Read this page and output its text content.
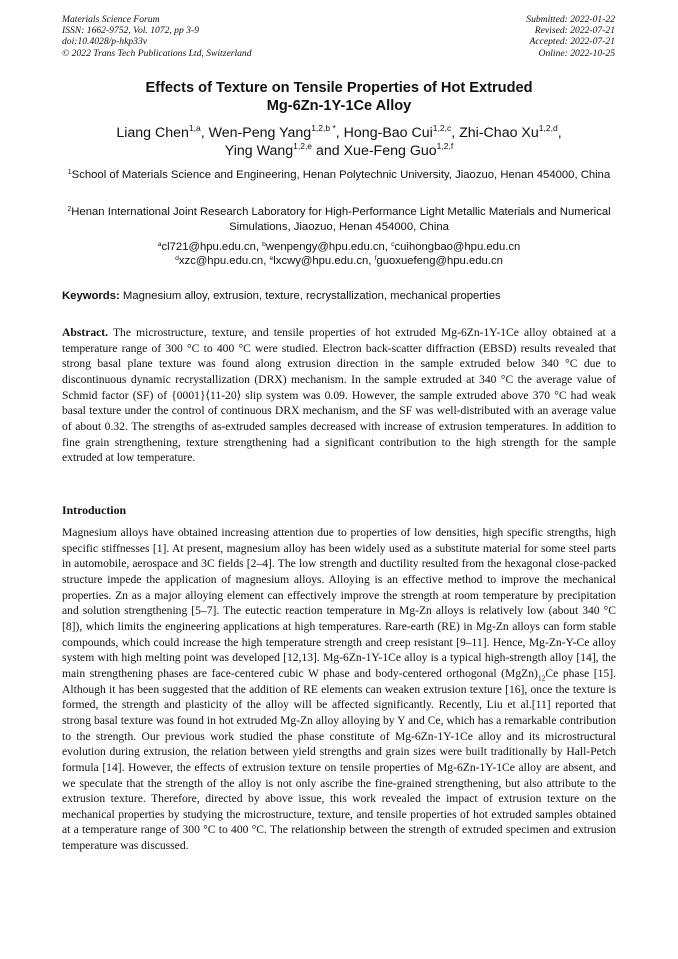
Materials Science Forum
ISSN: 1662-9752, Vol. 1072, pp 3-9
doi:10.4028/p-hkp33v
© 2022 Trans Tech Publications Ltd, Switzerland
Submitted: 2022-01-22
Revised: 2022-07-21
Accepted: 2022-07-21
Online: 2022-10-25
Effects of Texture on Tensile Properties of Hot Extruded
Mg-6Zn-1Y-1Ce Alloy
Liang Chen$^{1,a}$, Wen-Peng Yang$^{1,2,b *}$, Hong-Bao Cui$^{1,2,c}$, Zhi-Chao Xu$^{1,2,d}$,
Ying Wang$^{1,2,e}$ and Xue-Feng Guo$^{1,2,f}$
$^1$School of Materials Science and Engineering, Henan Polytechnic University, Jiaozuo, Henan 454000, China
$^2$Henan International Joint Research Laboratory for High-Performance Light Metallic Materials and Numerical Simulations, Jiaozuo, Henan 454000, China
$^a$cl721@hpu.edu.cn, $^b$wenpengy@hpu.edu.cn, $^c$cuihongbao@hpu.edu.cn
$^d$xzc@hpu.edu.cn, $^e$lxcwy@hpu.edu.cn, $^f$guoxuefeng@hpu.edu.cn
Keywords: Magnesium alloy, extrusion, texture, recrystallization, mechanical properties
Abstract. The microstructure, texture, and tensile properties of hot extruded Mg-6Zn-1Y-1Ce alloy obtained at a temperature range of 300 °C to 400 °C were studied. Electron back-scatter diffraction (EBSD) results revealed that strong basal plane texture was found along extrusion direction in the sample extruded below 340 °C due to discontinuous dynamic recrystallization (DRX) mechanism. In the sample extruded at 340 °C the average value of Schmid factor (SF) of {0001}⟨11-20⟩ slip system was 0.09. However, the sample extruded above 370 °C had weak basal texture under the control of continuous DRX mechanism, and the SF was well-distributed with an average value of about 0.32. The strengths of as-extruded samples decreased with increase of extrusion temperatures. In addition to fine grain strengthening, texture strengthening had a significant contribution to the high strength for the sample extruded at low temperature.
Introduction
Magnesium alloys have obtained increasing attention due to properties of low densities, high specific strengths, high specific stiffnesses [1]. At present, magnesium alloy has been widely used as a substitute material for some steel parts in automobile, aerospace and 3C fields [2–4]. The low strength and ductility resulted from the hexagonal close-packed structure impede the application of magnesium alloys. Alloying is an effective method to improve the mechanical properties. Zn as a major alloying element can effectively improve the strength at room temperature by precipitation and solution strengthening [5–7]. The eutectic reaction temperature in Mg-Zn alloys is relatively low (about 340 °C [8]), which limits the engineering applications at high temperatures. Rare-earth (RE) in Mg-Zn alloys can form stable compounds, which could increase the high temperature strength and creep resistant [9–11]. Hence, Mg-Zn-Y-Ce alloy system with high melting point was developed [12,13]. Mg-6Zn-1Y-1Ce alloy is a typical high-strength alloy [14], the main strengthening phases are face-centered cubic W phase and body-centered orthogonal $(MgZn)_{12}Ce$ phase [15]. Although it has been suggested that the addition of RE elements can weaken extrusion texture [16], once the texture is formed, the strength and plasticity of the alloy will be affected significantly. Recently, Liu et al.[11] reported that strong basal texture was found in hot extruded Mg-Zn alloy alloying by Y and Ce, which has a remarkable contribution to the strength. Our previous work studied the phase constitute of Mg-6Zn-1Y-1Ce alloy and its microstructural evolution during extrusion, the relation between yield strengths and grain sizes were built traditionally by Hall-Petch formula [14]. However, the effects of extrusion texture on tensile properties of Mg-6Zn-1Y-1Ce alloy are absent, and we speculate that the strength of the alloy is not only ascribe the fine-grained strengthening, but also attribute to the extrusion texture. Therefore, directed by above issue, this work revealed the impact of extrusion texture on the mechanical properties by studying the microstructure, texture, and tensile properties of hot extruded samples obtained at a temperature range of 300 °C to 400 °C. The relationship between the strength of extruded specimen and extrusion temperature was discussed.
